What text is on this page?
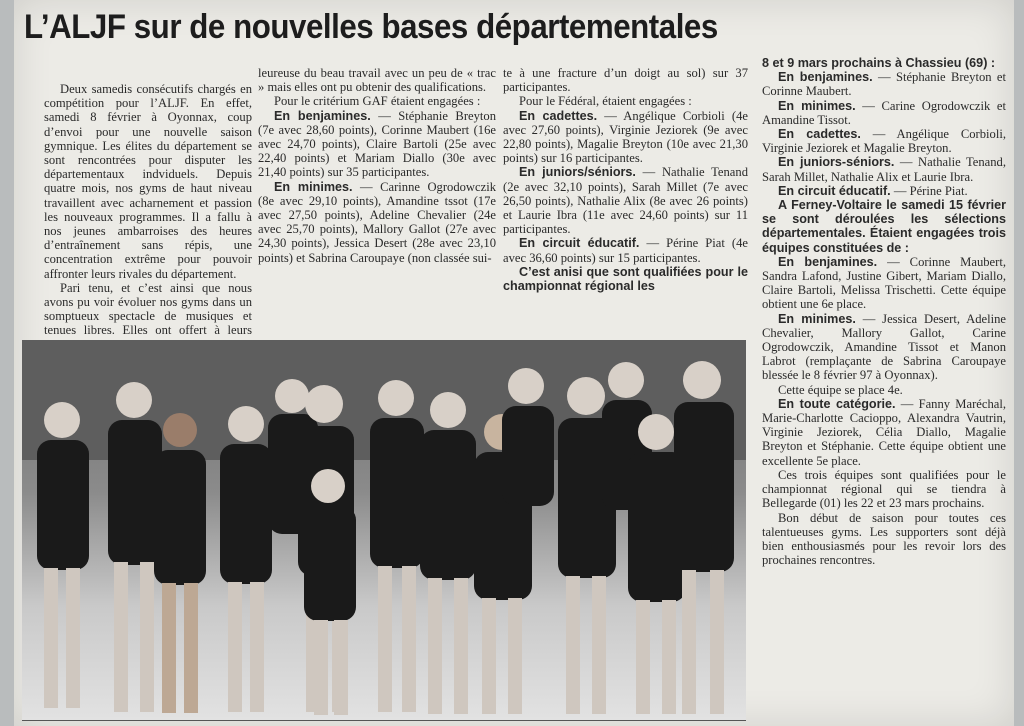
L’ALJF sur de nouvelles bases départementales

Deux samedis consécutifs chargés en compétition pour l’ALJF. En effet, samedi 8 février à Oyonnax, coup d’envoi pour une nouvelle saison gymnique. Les élites du département se sont rencontrées pour disputer les départementaux indviduels. Depuis quatre mois, nos gyms de haut niveau travaillent avec acharnement et passion les nouveaux programmes. Il a fallu à nos jeunes ambarroises des heures d’entraînement sans répis, une concentration extrême pour pouvoir affronter leurs rivales du département.

Pari tenu, et c’est ainsi que nous avons pu voir évoluer nos gyms dans un somptueux spectacle de musiques et tenues libres. Elles ont offert à leurs

leureuse du beau travail avec un peu de « trac » mais elles ont pu obtenir des qualifications.

Pour le critérium GAF étaient engagées :

En benjamines. — Stéphanie Breyton (7e avec 28,60 points), Corinne Maubert (16e avec 24,70 points), Claire Bartoli (25e avec 22,40 points) et Mariam Diallo (30e avec 21,40 points) sur 35 participantes.

En minimes. — Carinne Ogrodowczik (8e avec 29,10 points), Amandine tssot (17e avec 27,50 points), Adeline Chevalier (24e avec 25,70 points), Mallory Gallot (27e avec 24,30 points), Jessica Desert (28e avec 23,10 points) et Sabrina Caroupaye (non classée sui-

te à une fracture d’un doigt au sol) sur 37 participantes.

Pour le Fédéral, étaient engagées :

En cadettes. — Angélique Corbioli (4e avec 27,60 points), Virginie Jeziorek (9e avec 22,80 points), Magalie Breyton (10e avec 21,30 points) sur 16 participantes.

En juniors/séniors. — Nathalie Tenand (2e avec 32,10 points), Sarah Millet (7e avec 26,50 points), Nathalie Alix (8e avec 26 points) et Laurie Ibra (11e avec 24,60 points) sur 11 participantes.

En circuit éducatif. — Périne Piat (4e avec 36,60 points) sur 15 participantes.

C’est anisi que sont qualifiées pour le championnat régional les

8 et 9 mars prochains à Chassieu (69) :

En benjamines. — Stéphanie Breyton et Corinne Maubert.

En minimes. — Carine Ogrodowczik et Amandine Tissot.

En cadettes. — Angélique Corbioli, Virginie Jeziorek et Magalie Breyton.

En juniors-séniors. — Nathalie Tenand, Sarah Millet, Nathalie Alix et Laurie Ibra.

En circuit éducatif. — Périne Piat.

A Ferney-Voltaire le samedi 15 février se sont déroulées les sélections départementales. Étaient engagées trois équipes constituées de :

En benjamines. — Corinne Maubert, Sandra Lafond, Justine Gibert, Mariam Diallo, Claire Bartoli, Melissa Trischetti. Cette équipe obtient une 6e place.

En minimes. — Jessica Desert, Adeline Chevalier, Mallory Gallot, Carine Ogrodowczik, Amandine Tissot et Manon Labrot (remplaçante de Sabrina Caroupaye blessée le 8 février 97 à Oyonnax).

Cette équipe se place 4e.

En toute catégorie. — Fanny Maréchal, Marie-Charlotte Cacioppo, Alexandra Vautrin, Virginie Jeziorek, Célia Diallo, Magalie Breyton et Stéphanie. Cette équipe obtient une excellente 5e place.

Ces trois équipes sont qualifiées pour le championnat régional qui se tiendra à Bellegarde (01) les 22 et 23 mars prochains.

Bon début de saison pour toutes ces talentueuses gyms. Les supporters sont déjà bien enthousiasmés pour les revoir lors des prochaines rencontres.
